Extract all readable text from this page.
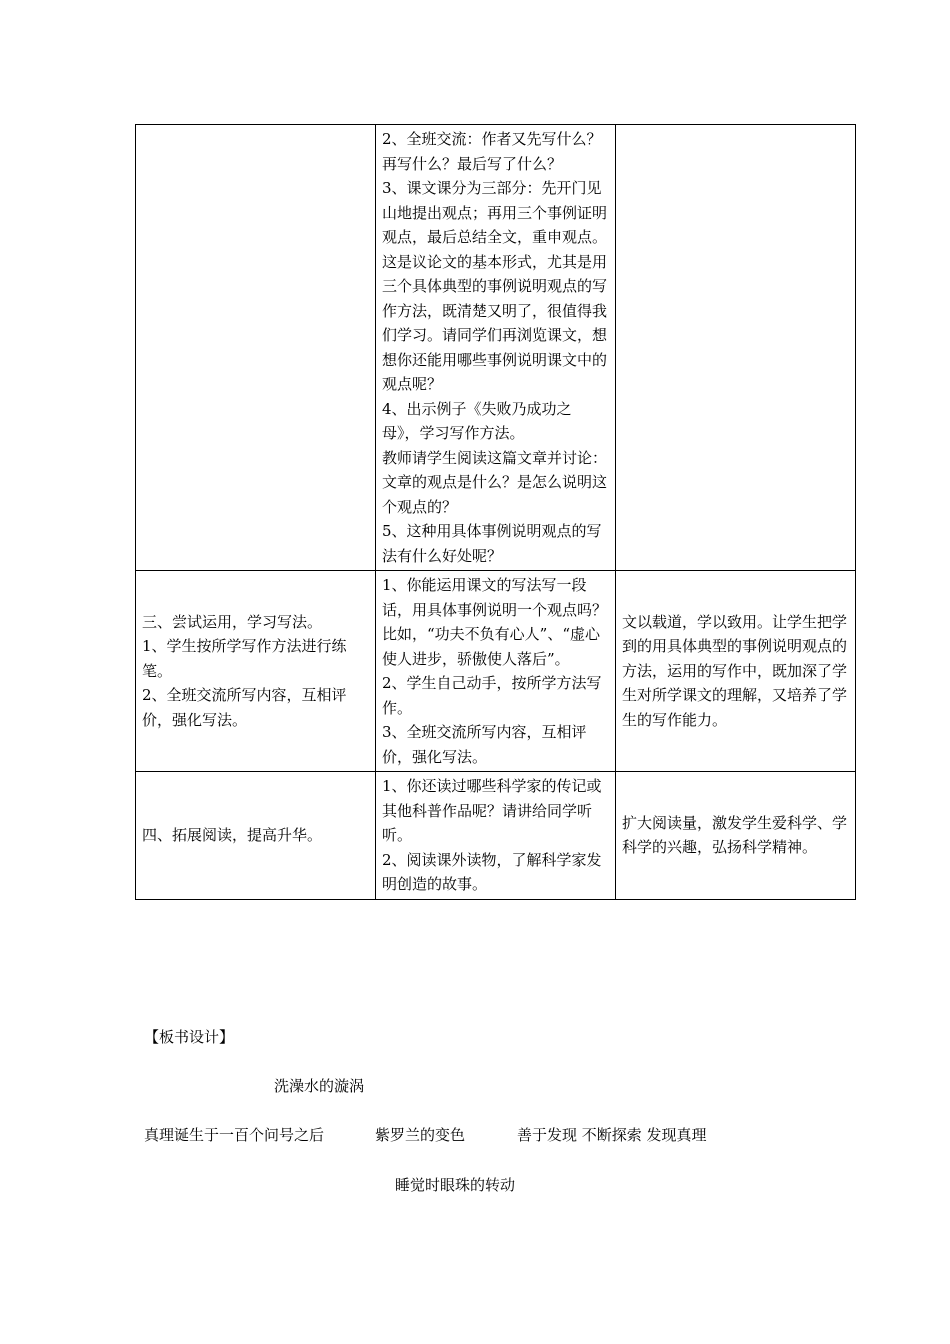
	2、全班交流：作者又先写什么？再写什么？最后写了什么？
3、课文课分为三部分：先开门见山地提出观点；再用三个事例证明观点，最后总结全文，重申观点。这是议论文的基本形式，尤其是用三个具体典型的事例说明观点的写作方法，既清楚又明了，很值得我们学习。请同学们再浏览课文，想想你还能用哪些事例说明课文中的观点呢？
4、出示例子《失败乃成功之母》，学习写作方法。
教师请学生阅读这篇文章并讨论：文章的观点是什么？是怎么说明这个观点的？
5、这种用具体事例说明观点的写法有什么好处呢？	

三、尝试运用，学习写法。
1、学生按所学写作方法进行练笔。
2、全班交流所写内容，互相评价，强化写法。	1、你能运用课文的写法写一段话，用具体事例说明一个观点吗？比如，“功夫不负有心人”、“虚心使人进步，骄傲使人落后”。
2、学生自己动手，按所学方法写作。
3、全班交流所写内容，互相评价，强化写法。	文以载道，学以致用。让学生把学到的用具体典型的事例说明观点的方法，运用的写作中，既加深了学生对所学课文的理解，又培养了学生的写作能力。

四、拓展阅读，提高升华。	1、你还读过哪些科学家的传记或其他科普作品呢？请讲给同学听听。
2、阅读课外读物，了解科学家发明创造的故事。	扩大阅读量，激发学生爱科学、学科学的兴趣，弘扬科学精神。
【板书设计】
洗澡水的漩涡
真理诞生于一百个问号之后	紫罗兰的变色	善于发现 不断探索 发现真理
睡觉时眼珠的转动
